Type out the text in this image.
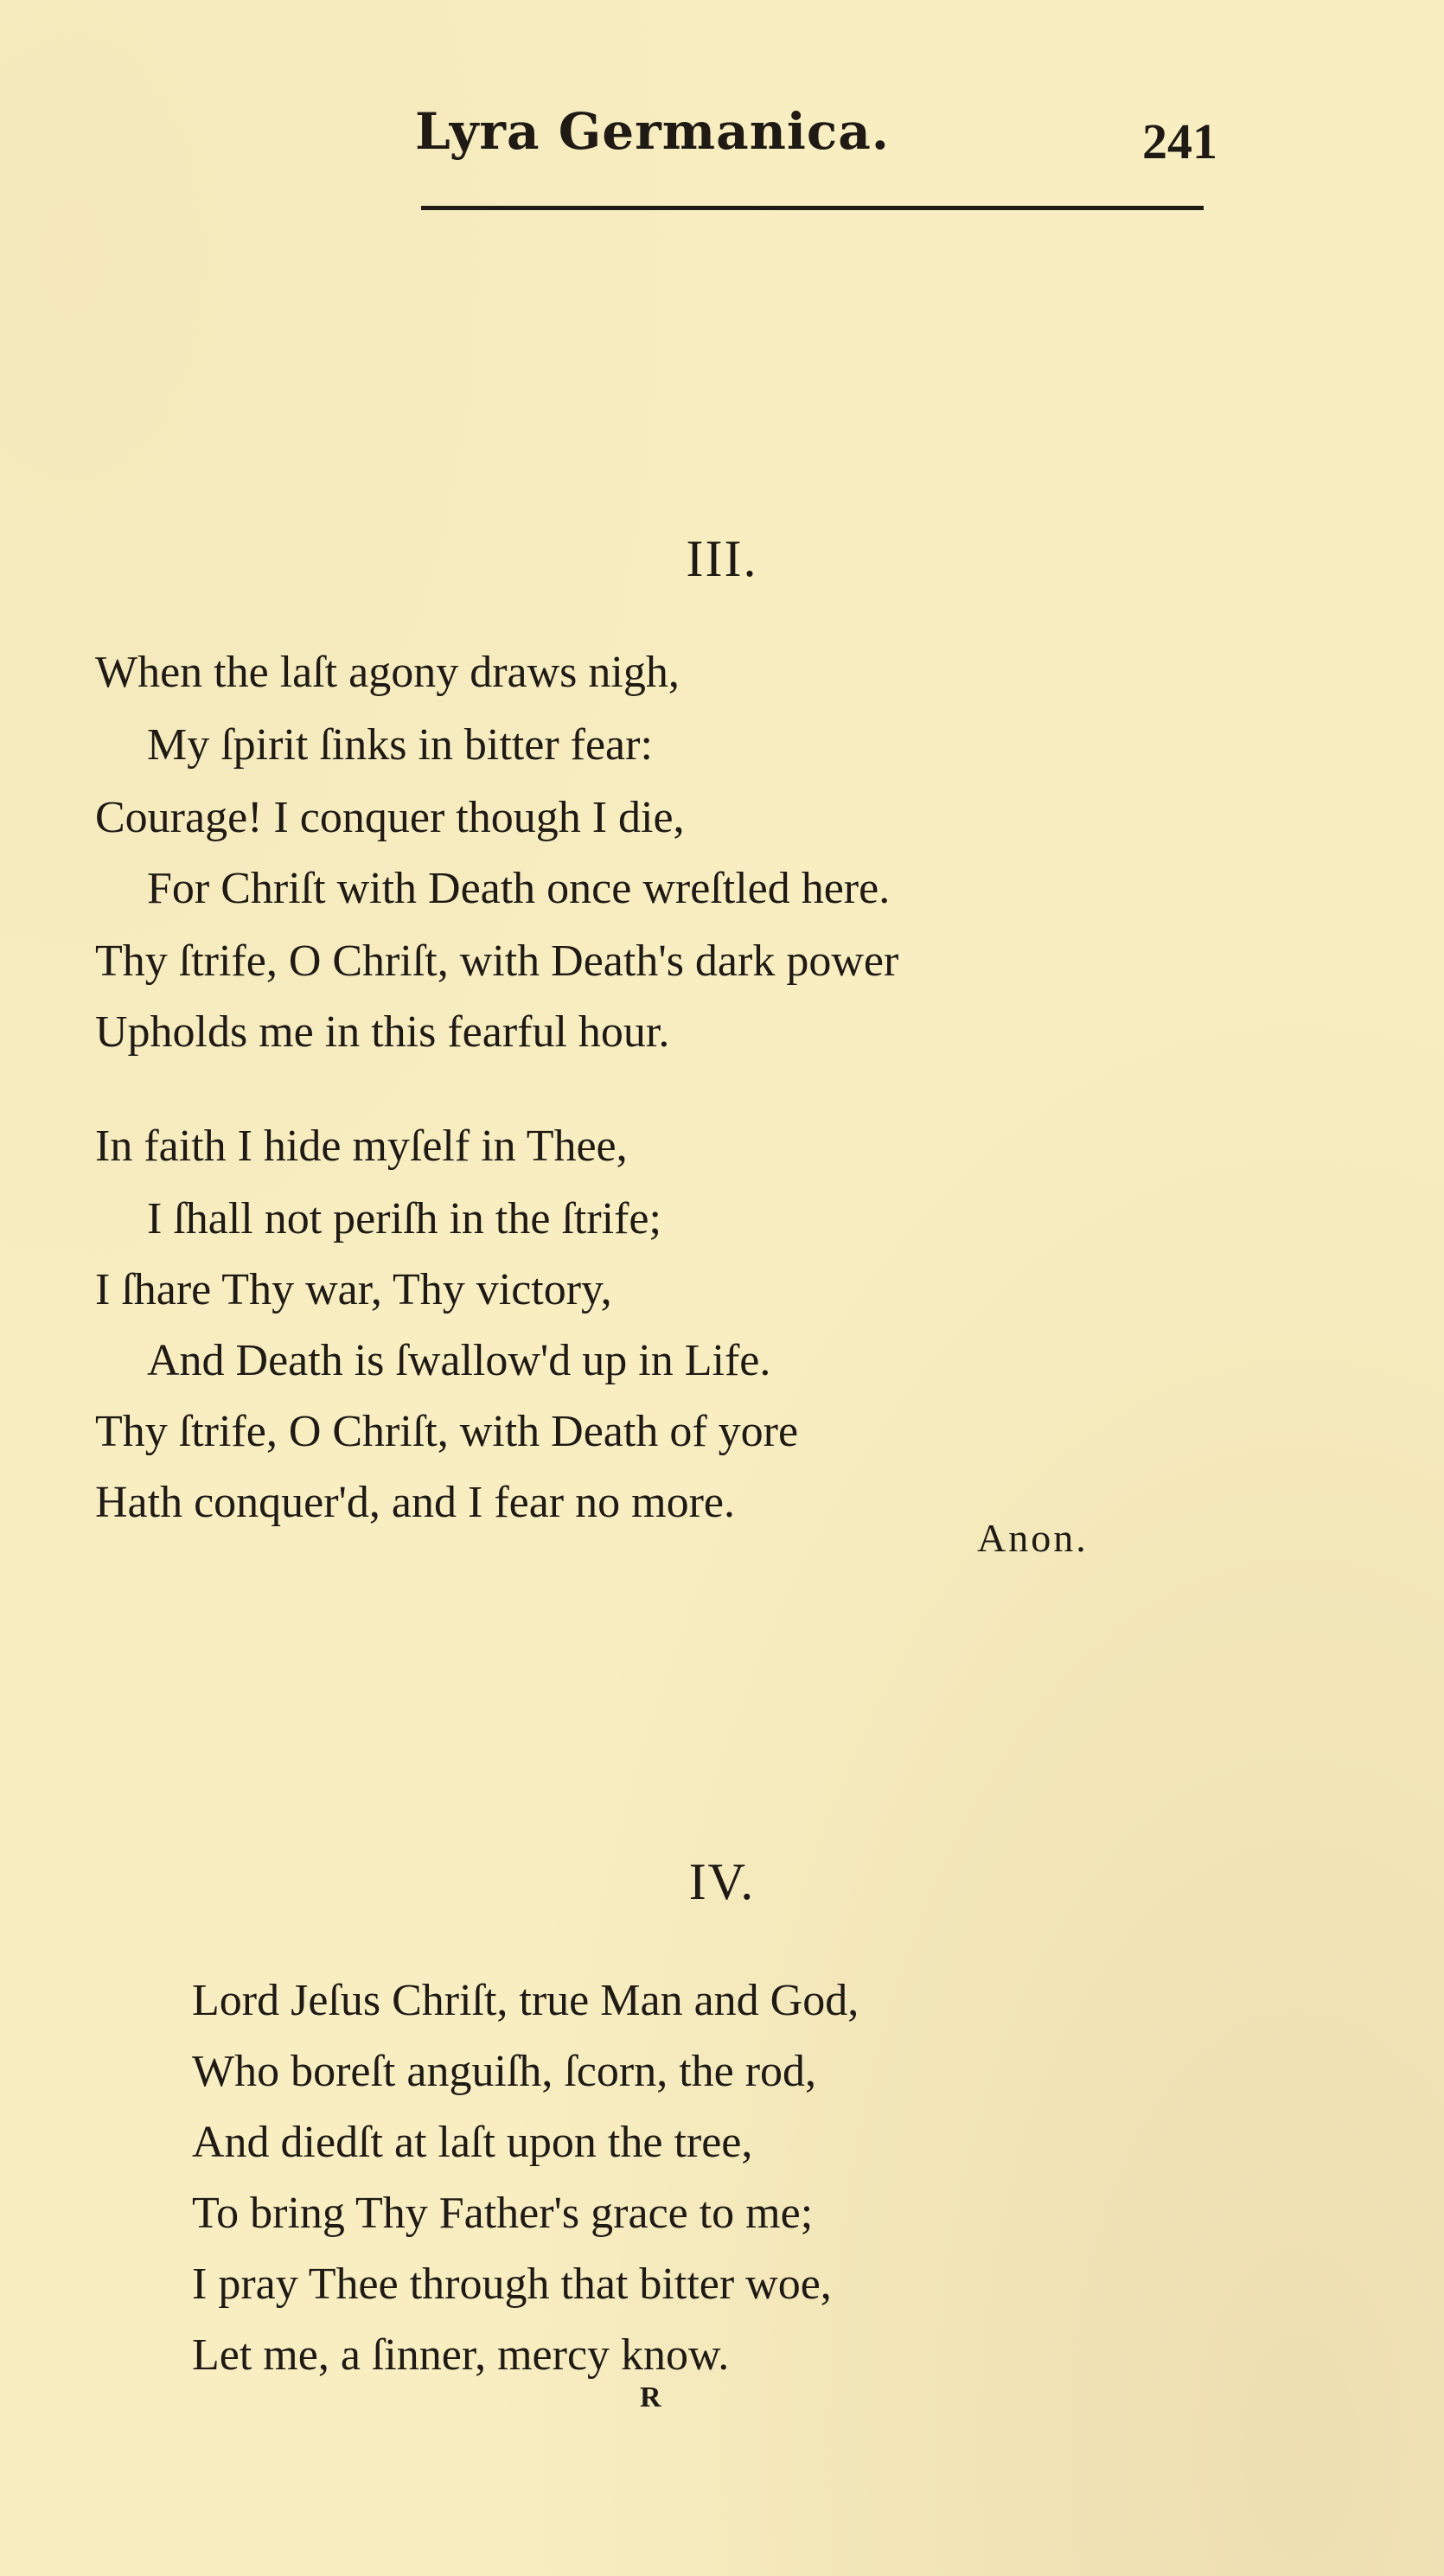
Lyra Germanica.	241
III.
When the laſt agony draws nigh,
My ſpirit ſinks in bitter fear:
Courage! I conquer though I die,
For Chriſt with Death once wreſtled here.
Thy ſtrife, O Chriſt, with Death's dark power
Upholds me in this fearful hour.
In faith I hide myſelf in Thee,
I ſhall not periſh in the ſtrife;
I ſhare Thy war, Thy victory,
And Death is ſwallow'd up in Life.
Thy ſtrife, O Chriſt, with Death of yore
Hath conquer'd, and I fear no more.
Anon.
IV.
Lord Jeſus Chriſt, true Man and God,
Who boreſt anguiſh, ſcorn, the rod,
And diedſt at laſt upon the tree,
To bring Thy Father's grace to me;
I pray Thee through that bitter woe,
Let me, a ſinner, mercy know.
R
